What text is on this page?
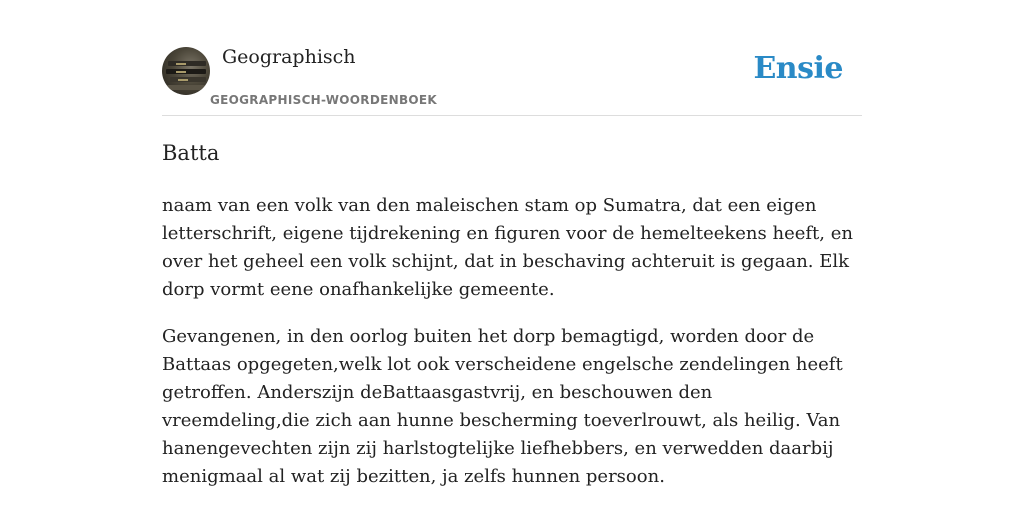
Geographisch
GEOGRAPHISCH-WOORDENBOEK
Ensie
Batta

naam van een volk van den maleischen stam op Sumatra, dat een eigen letterschrift, eigene tijdrekening en figuren voor de hemelteekens heeft, en over het geheel een volk schijnt, dat in beschaving achteruit is gegaan. Elk dorp vormt eene onafhankelijke gemeente.

Gevangenen, in den oorlog buiten het dorp bemagtigd, worden door de Battaas opgegeten,welk lot ook verscheidene engelsche zendelingen heeft getroffen. Anderszijn deBattaasgastvrij, en beschouwen den vreemdeling,die zich aan hunne bescherming toeverlrouwt, als heilig. Van hanengevechten zijn zij harlstogtelijke liefhebbers, en verwedden daarbij menigmaal al wat zij bezitten, ja zelfs hunnen persoon.
